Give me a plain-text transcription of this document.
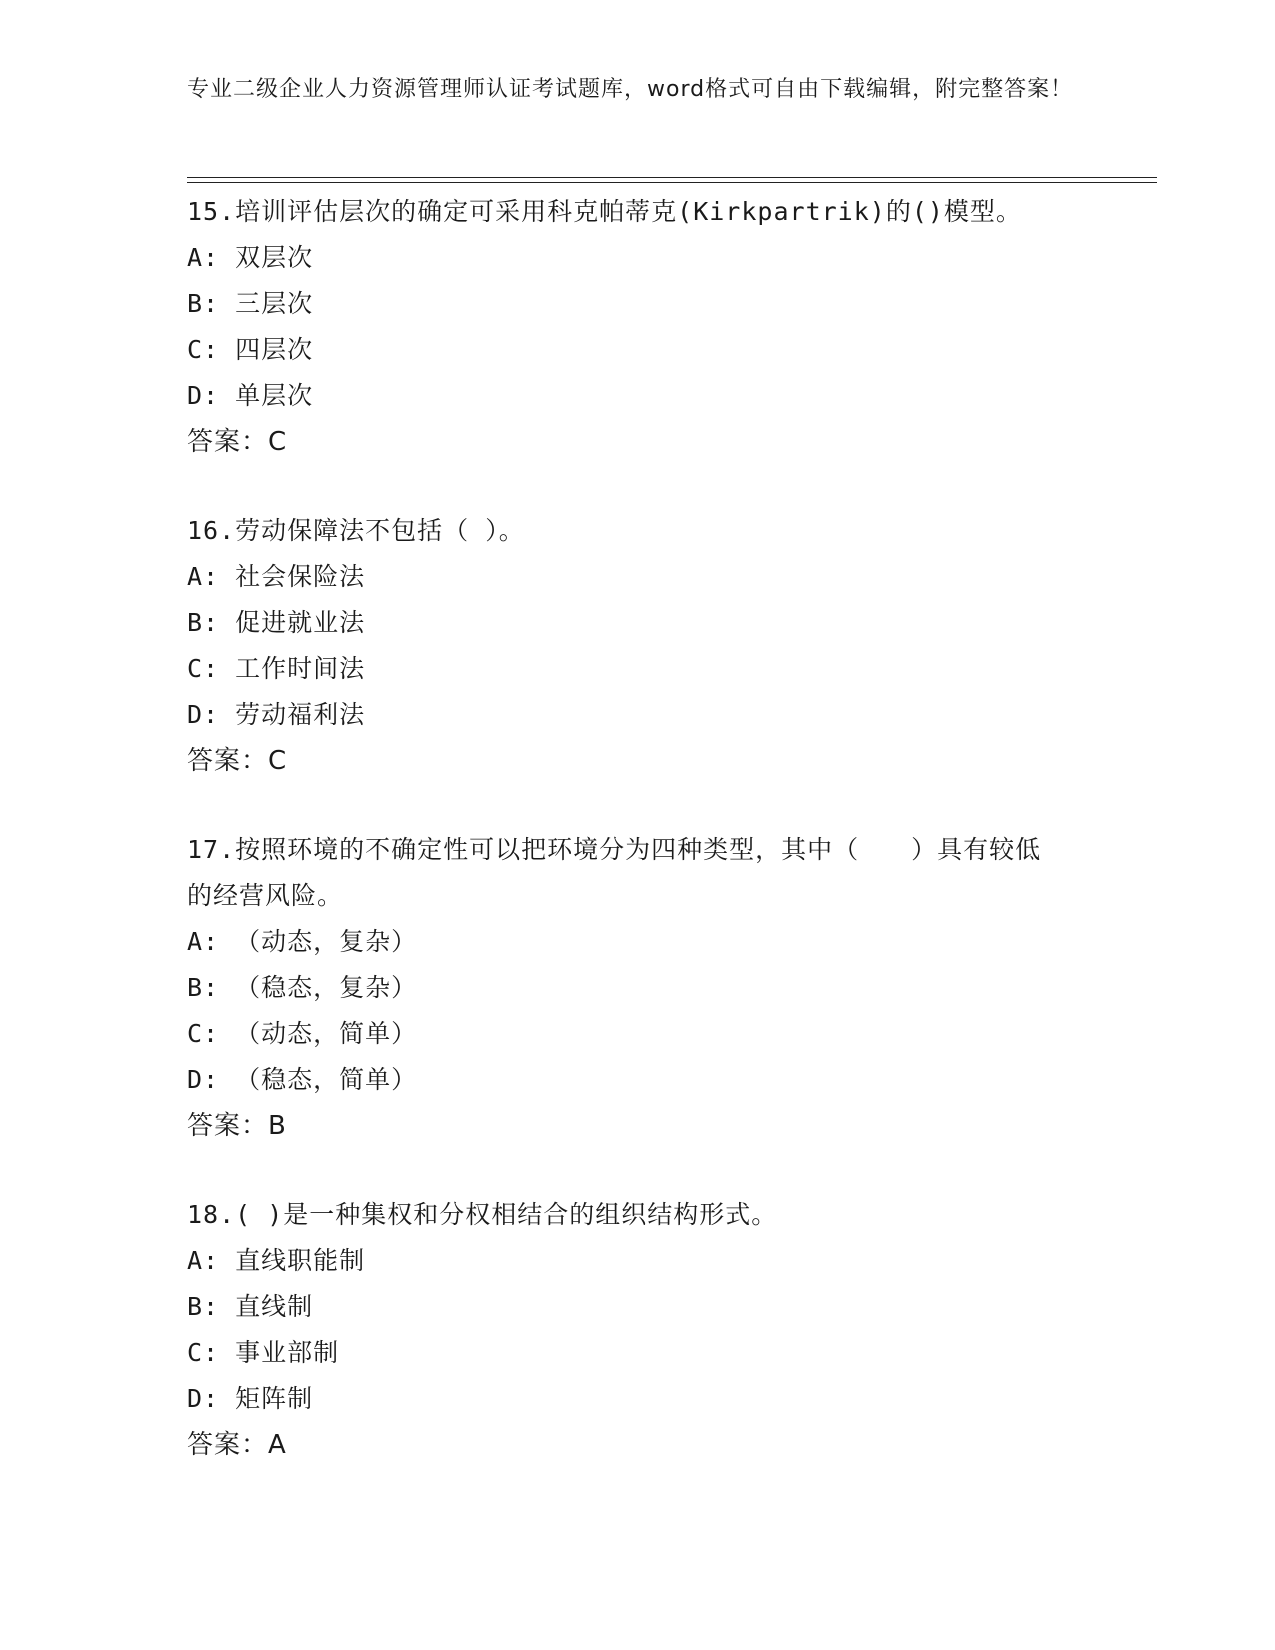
专业二级企业人力资源管理师认证考试题库，word格式可自由下载编辑，附完整答案！
15.培训评估层次的确定可采用科克帕蒂克(Kirkpartrik)的()模型。
A: 双层次
B: 三层次
C: 四层次
D: 单层次
答案：C
16.劳动保障法不包括（ ）。
A: 社会保险法
B: 促进就业法
C: 工作时间法
D: 劳动福利法
答案：C
17.按照环境的不确定性可以把环境分为四种类型，其中（　　）具有较低的经营风险。
A: （动态，复杂）
B: （稳态，复杂）
C: （动态，简单）
D: （稳态，简单）
答案：B
18.( )是一种集权和分权相结合的组织结构形式。
A: 直线职能制
B: 直线制
C: 事业部制
D: 矩阵制
答案：A
